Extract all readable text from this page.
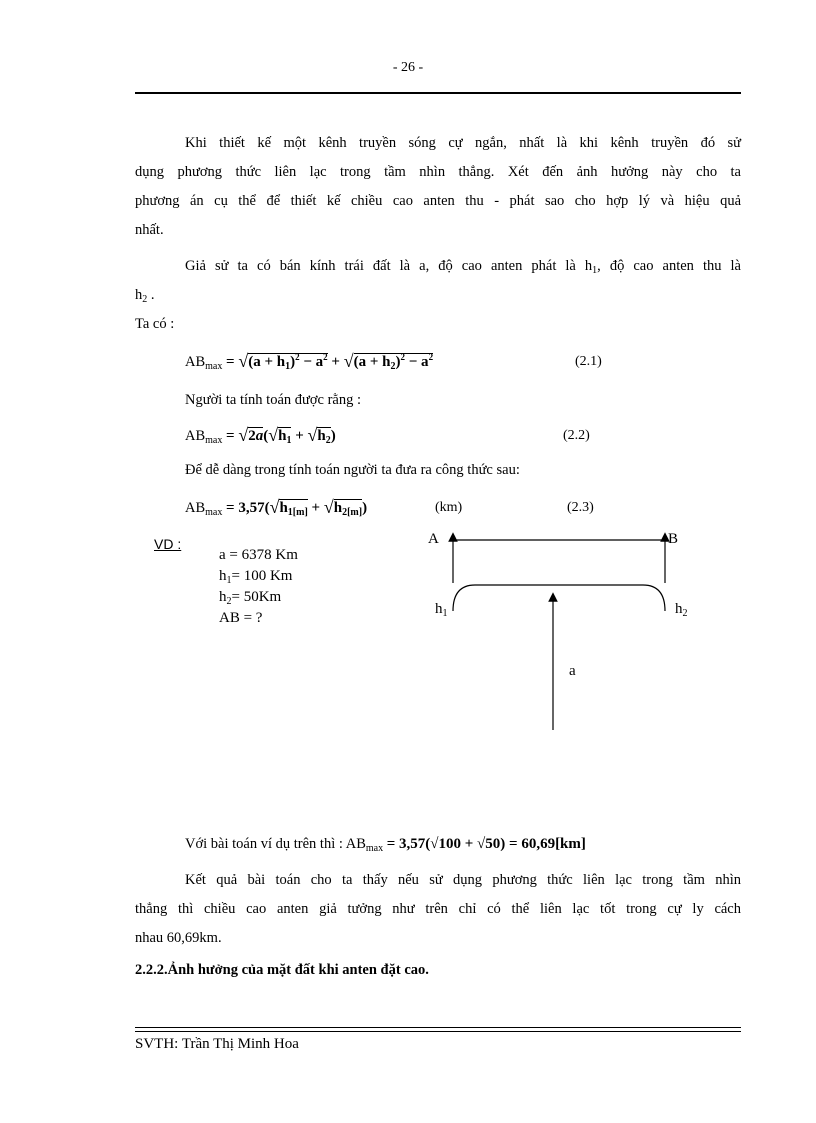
- 26 -
Khi thiết kế một kênh truyền sóng cự ngắn, nhất là khi kênh truyền đó sử
dụng phương thức liên lạc trong tầm nhìn thẳng. Xét đến ảnh hưởng này cho ta
phương án cụ thể để thiết kế chiều cao anten thu - phát sao cho hợp lý và hiệu quả
nhất.
Giả sử ta có bán kính trái đất là a, độ cao anten phát là $h_1$, độ cao anten thu là
$h_2$ .
Ta có :
$AB_{max} = √(a + h_1)^2 - a^2 + √(a + h_2)^2 - a^2$	(2.1)
Người ta tính toán được rằng :
$AB_{max} = √2a(√h_1 + √h_2)$	(2.2)
Để dễ dàng trong tính toán người ta đưa ra công thức sau:
$AB_{max} = 3,57(√h_{1[m]} + √h_{2[m]})$	(km)	(2.3)
VD :
a = 6378 Km
$h_1= 100$ Km
$h_2= 50Km$
AB = ?
A	B
$h_1$	$h_2$
a
Với bài toán ví dụ trên thì : $AB_{max} = 3,57(√100 + √50) = 60,69[km]$
Kết quả bài toán cho ta thấy nếu sử dụng phương thức liên lạc trong tầm nhìn
thẳng thì chiều cao anten giả tưởng như trên chỉ có thể liên lạc tốt trong cự ly cách
nhau 60,69km.
2.2.2.Ảnh hưởng của mặt đất khi anten đặt cao.
SVTH: Trần Thị Minh Hoa
